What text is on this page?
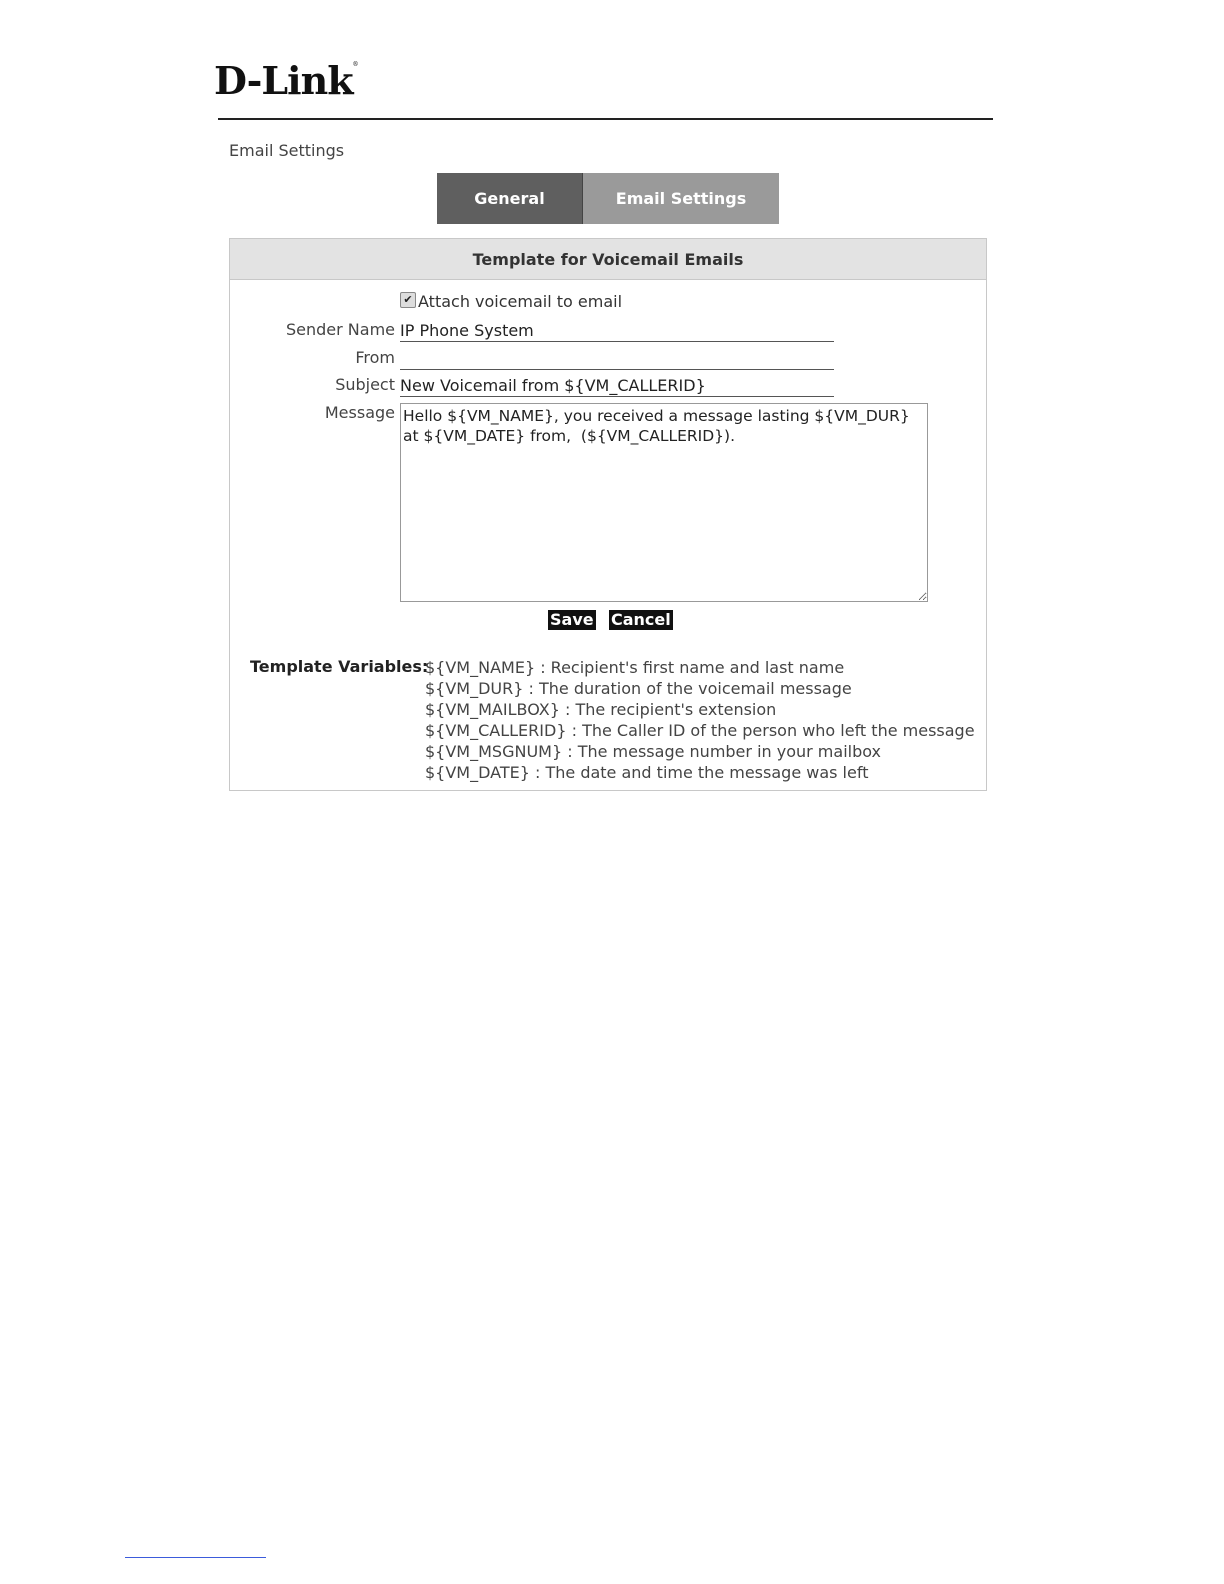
D-Link®
Email Settings
General	Email Settings
Template for Voicemail Emails
✔ Attach voicemail to email
Sender Name
IP Phone System
From
Subject
New Voicemail from ${VM_CALLERID}
Message
Hello ${VM_NAME}, you received a message lasting ${VM_DUR} at ${VM_DATE} from, (${VM_CALLERID}).
Save Cancel
Template Variables:
${VM_NAME} : Recipient's first name and last name
${VM_DUR} : The duration of the voicemail message
${VM_MAILBOX} : The recipient's extension
${VM_CALLERID} : The Caller ID of the person who left the message
${VM_MSGNUM} : The message number in your mailbox
${VM_DATE} : The date and time the message was left
